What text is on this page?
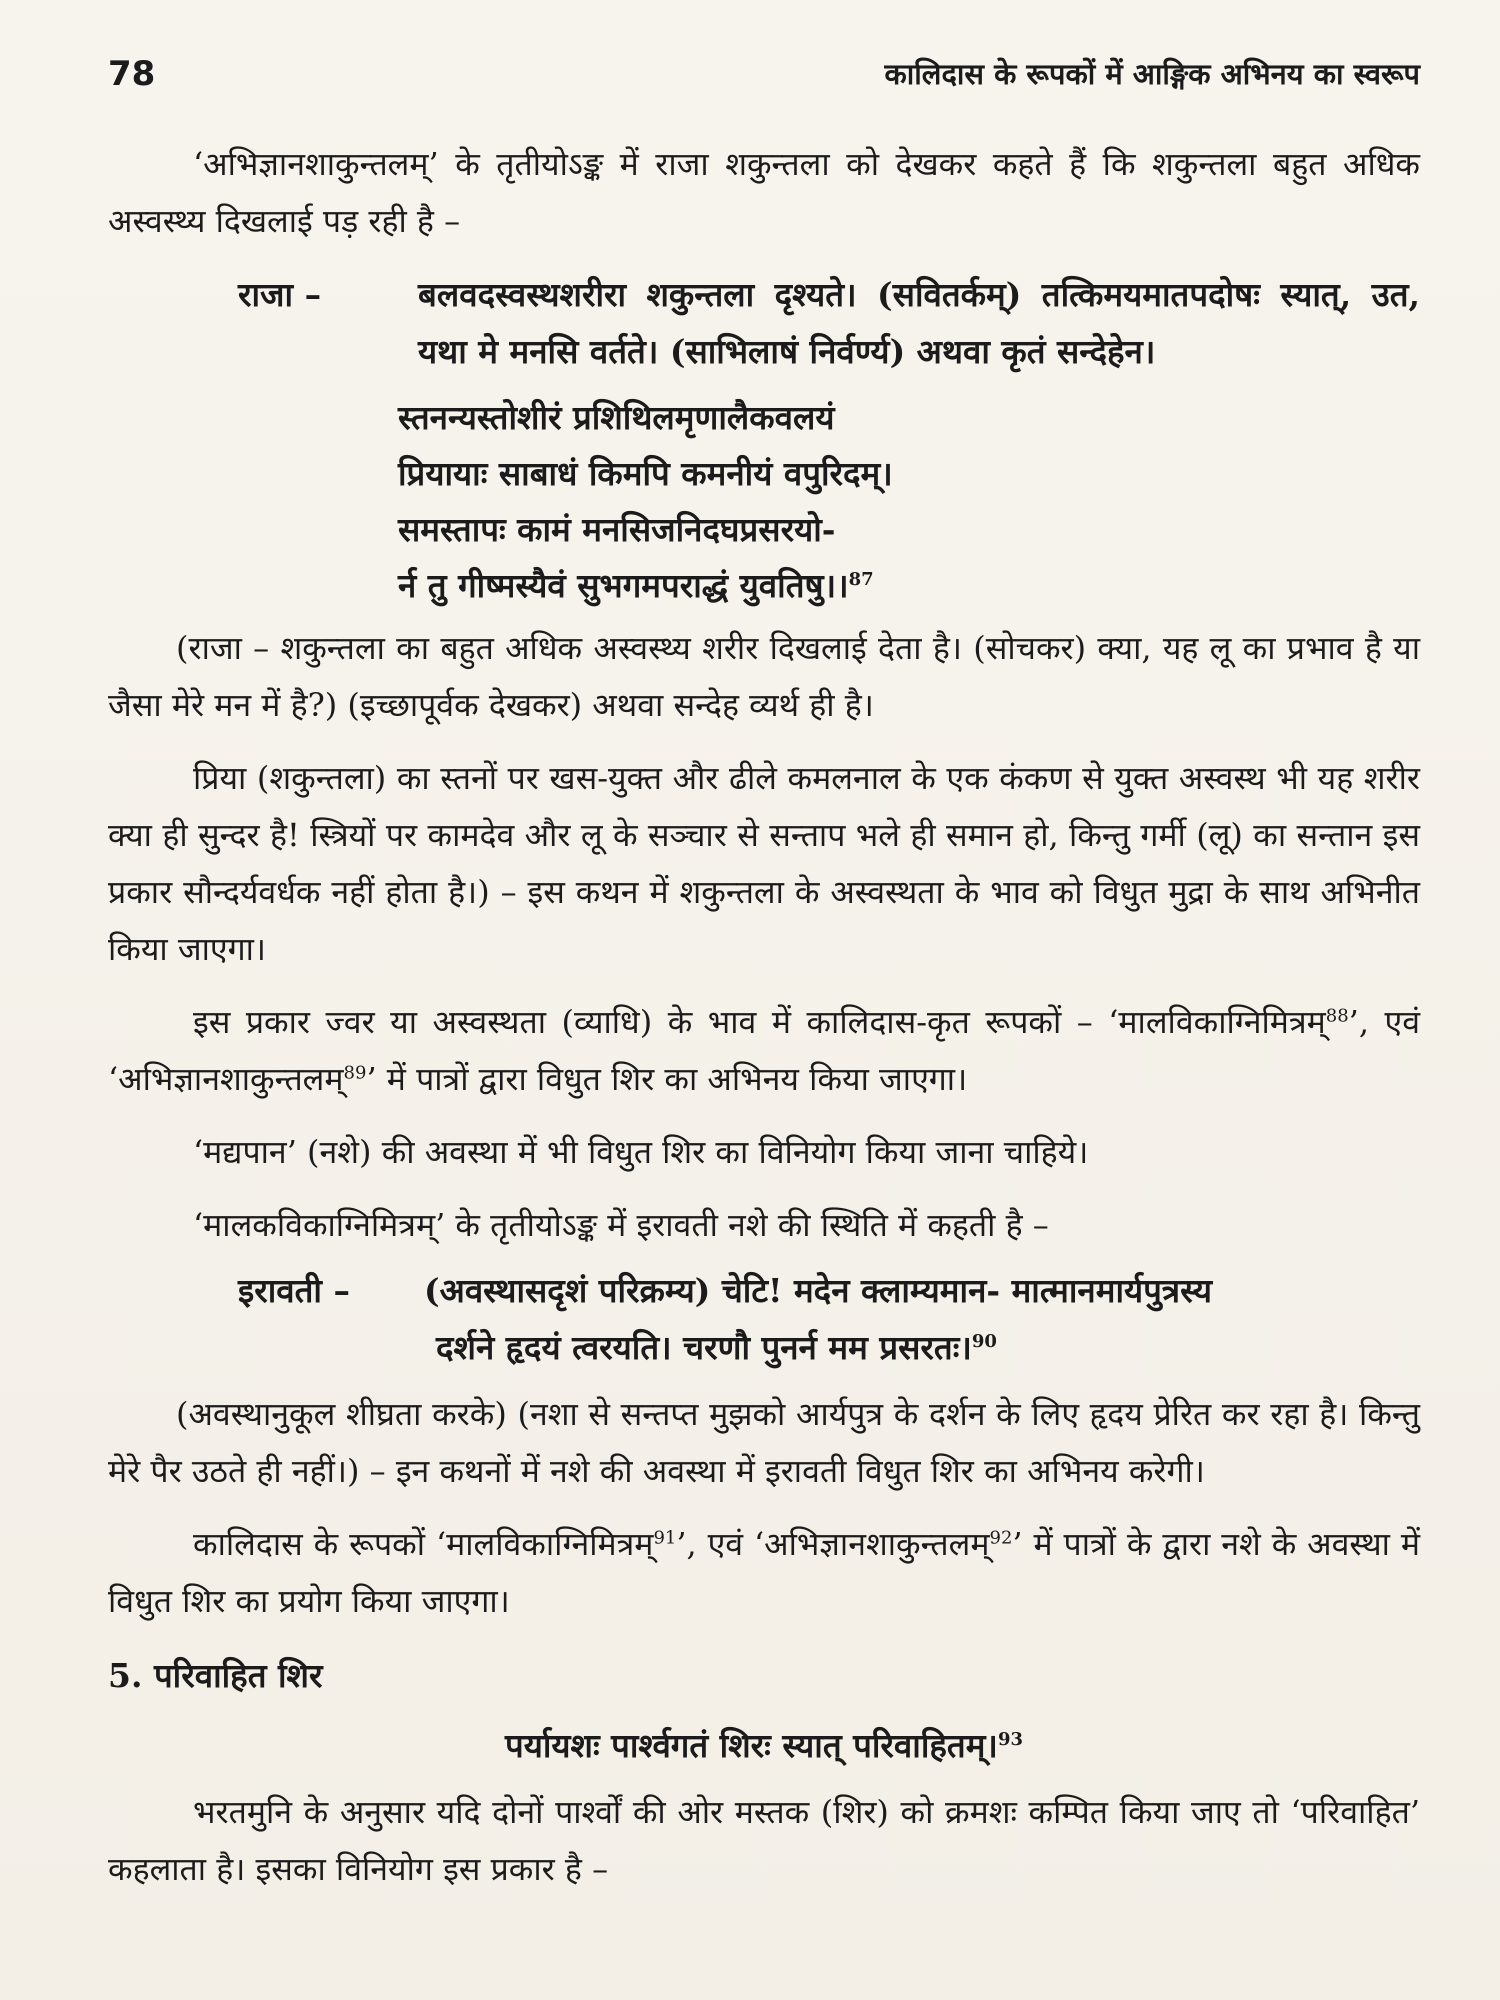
78	कालिदास के रूपकों में आङ्गिक अभिनय का स्वरूप

‘अभिज्ञानशाकुन्तलम्’ के तृतीयोऽङ्क में राजा शकुन्तला को देखकर कहते हैं कि शकुन्तला बहुत अधिक अस्वस्थ्य दिखलाई पड़ रही है –

राजा –	बलवदस्वस्थशरीरा शकुन्तला दृश्यते। (सवितर्कम्) तत्किमयमातपदोषः स्यात्, उत, यथा मे मनसि वर्तते। (साभिलाषं निर्वर्ण्य) अथवा कृतं सन्देहेन।

स्तनन्यस्तोशीरं प्रशिथिलमृणालैकवलयं
प्रियायाः साबाधं किमपि कमनीयं वपुरिदम्।
समस्तापः कामं मनसिजनिदघप्रसरयो-
र्न तु गीष्मस्यैवं सुभगमपराद्धं युवतिषु।।$^{87}$

(राजा – शकुन्तला का बहुत अधिक अस्वस्थ्य शरीर दिखलाई देता है। (सोचकर) क्या, यह लू का प्रभाव है या जैसा मेरे मन में है?) (इच्छापूर्वक देखकर) अथवा सन्देह व्यर्थ ही है।

प्रिया (शकुन्तला) का स्तनों पर खस-युक्त और ढीले कमलनाल के एक कंकण से युक्त अस्वस्थ भी यह शरीर क्या ही सुन्दर है! स्त्रियों पर कामदेव और लू के सञ्चार से सन्ताप भले ही समान हो, किन्तु गर्मी (लू) का सन्तान इस प्रकार सौन्दर्यवर्धक नहीं होता है।) – इस कथन में शकुन्तला के अस्वस्थता के भाव को विधुत मुद्रा के साथ अभिनीत किया जाएगा।

इस प्रकार ज्वर या अस्वस्थता (व्याधि) के भाव में कालिदास-कृत रूपकों – ‘मालविकाग्निमित्रम्$^{88}$’, एवं ‘अभिज्ञानशाकुन्तलम्$^{89}$’ में पात्रों द्वारा विधुत शिर का अभिनय किया जाएगा।

‘मद्यपान’ (नशे) की अवस्था में भी विधुत शिर का विनियोग किया जाना चाहिये।

‘मालकविकाग्निमित्रम्’ के तृतीयोऽङ्क में इरावती नशे की स्थिति में कहती है –

इरावती – (अवस्थासदृशं परिक्रम्य) चेटि! मदेन क्लाम्यमान- मात्मानमार्यपुत्रस्य
दर्शने हृदयं त्वरयति। चरणौ पुनर्न मम प्रसरतः।$^{90}$

(अवस्थानुकूल शीघ्रता करके) (नशा से सन्तप्त मुझको आर्यपुत्र के दर्शन के लिए हृदय प्रेरित कर रहा है। किन्तु मेरे पैर उठते ही नहीं।) – इन कथनों में नशे की अवस्था में इरावती विधुत शिर का अभिनय करेगी।

कालिदास के रूपकों ‘मालविकाग्निमित्रम्$^{91}$’, एवं ‘अभिज्ञानशाकुन्तलम्$^{92}$’ में पात्रों के द्वारा नशे के अवस्था में विधुत शिर का प्रयोग किया जाएगा।

5. परिवाहित शिर
पर्यायशः पार्श्वगतं शिरः स्यात् परिवाहितम्।$^{93}$

भरतमुनि के अनुसार यदि दोनों पार्श्वों की ओर मस्तक (शिर) को क्रमशः कम्पित किया जाए तो ‘परिवाहित’ कहलाता है। इसका विनियोग इस प्रकार है –
